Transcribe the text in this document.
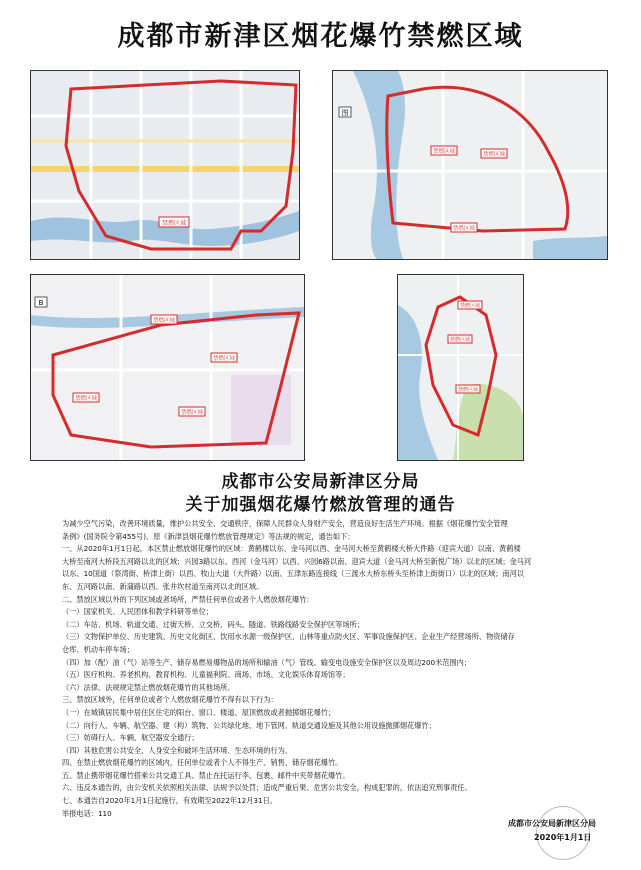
成都市新津区烟花爆竹禁燃区域
禁燃区域
禁燃区域	禁燃区域
禁燃区域
图
禁燃区域
禁燃区域
禁燃区域
禁燃区域
B	禁燃区域
禁燃区域
禁燃区域
成都市公安局新津区分局
关于加强烟花爆竹燃放管理的通告

为减少空气污染，改善环境质量，维护公共安全、交通秩序，保障人民群众人身财产安全，营造良好生活生产环境。根据《烟花爆竹安全管理

条例》(国务院令第455号)、原《新津县烟花爆竹燃放管理规定》等法规的规定，通告如下：

一、从2020年1月1日起，本区禁止燃放烟花爆竹的区域：黄鹤楼以东、金马河以西、金马河大桥至黄鹤楼大桥大件路（迎宾大道）以南、黄鹤楼

大桥至南河大桥段五河路以北的区域；兴园3路以东、西河（金马河）以西、兴园6路以南、迎宾大道（金马河大桥至新悦广场）以北的区域；金马河

以东、10国道（祭湾街、桥津上街）以西、牧山大道（大件路）以南、五津东路连接线（三渡水大桥东桥头至桥津上街街口）以北的区域；南河以

东、五河路以南、新蒲路以西、张井坎村道至南河以北的区域。

二、禁放区域以外的下列区域或者场所，严禁任何单位或者个人燃放烟花爆竹：

（一）国家机关、人民团体和教学科研等单位；

（二）车站、机场、轨道交通、过街天桥、立交桥、码头、隧道、铁路线路安全保护区等场所；

（三）文物保护单位、历史建筑、历史文化街区、饮用水水源一级保护区、山林等重点防火区、军事设施保护区、企业生产经营场所、物资储存

仓库、机动车停车场；

（四）加（配）油（气）站等生产、储存易燃易爆物品的场所和输油（气）管线、输变电设施安全保护区以及周边200米范围内；

（五）医疗机构、养老机构、教育机构、儿童福利院、商场、市场、文化娱乐体育场馆等；

（六）法律、法规规定禁止燃放烟花爆竹的其他场所。

三、禁放区域外，任何单位或者个人燃放烟花爆竹不得有以下行为：

（一）在城镇居民集中居住区住宅的阳台、窗口、楼道、屋顶燃放或者抛掷烟花爆竹；

（二）向行人、车辆、航空器、建（构）筑物、公共绿化地、地下管网、轨道交通设施及其他公用设施抛掷烟花爆竹；

（三）妨碍行人、车辆、航空器安全通行；

（四）其他危害公共安全、人身安全和破坏生活环境、生态环境的行为。

四、在禁止燃放烟花爆竹的区域内，任何单位或者个人不得生产、销售、储存烟花爆竹。

五、禁止携带烟花爆竹搭乘公共交通工具、禁止在托运行李、包裹、邮件中夹带烟花爆竹。

六、违反本通告的，由公安机关依照相关法律、法规予以处罚；造成严重后果、危害公共安全，构成犯罪的，依法追究刑事责任。

七、本通告自2020年1月1日起施行，有效期至2022年12月31日。

举报电话：110

成都市公安局新津区分局
2020年1月1日
